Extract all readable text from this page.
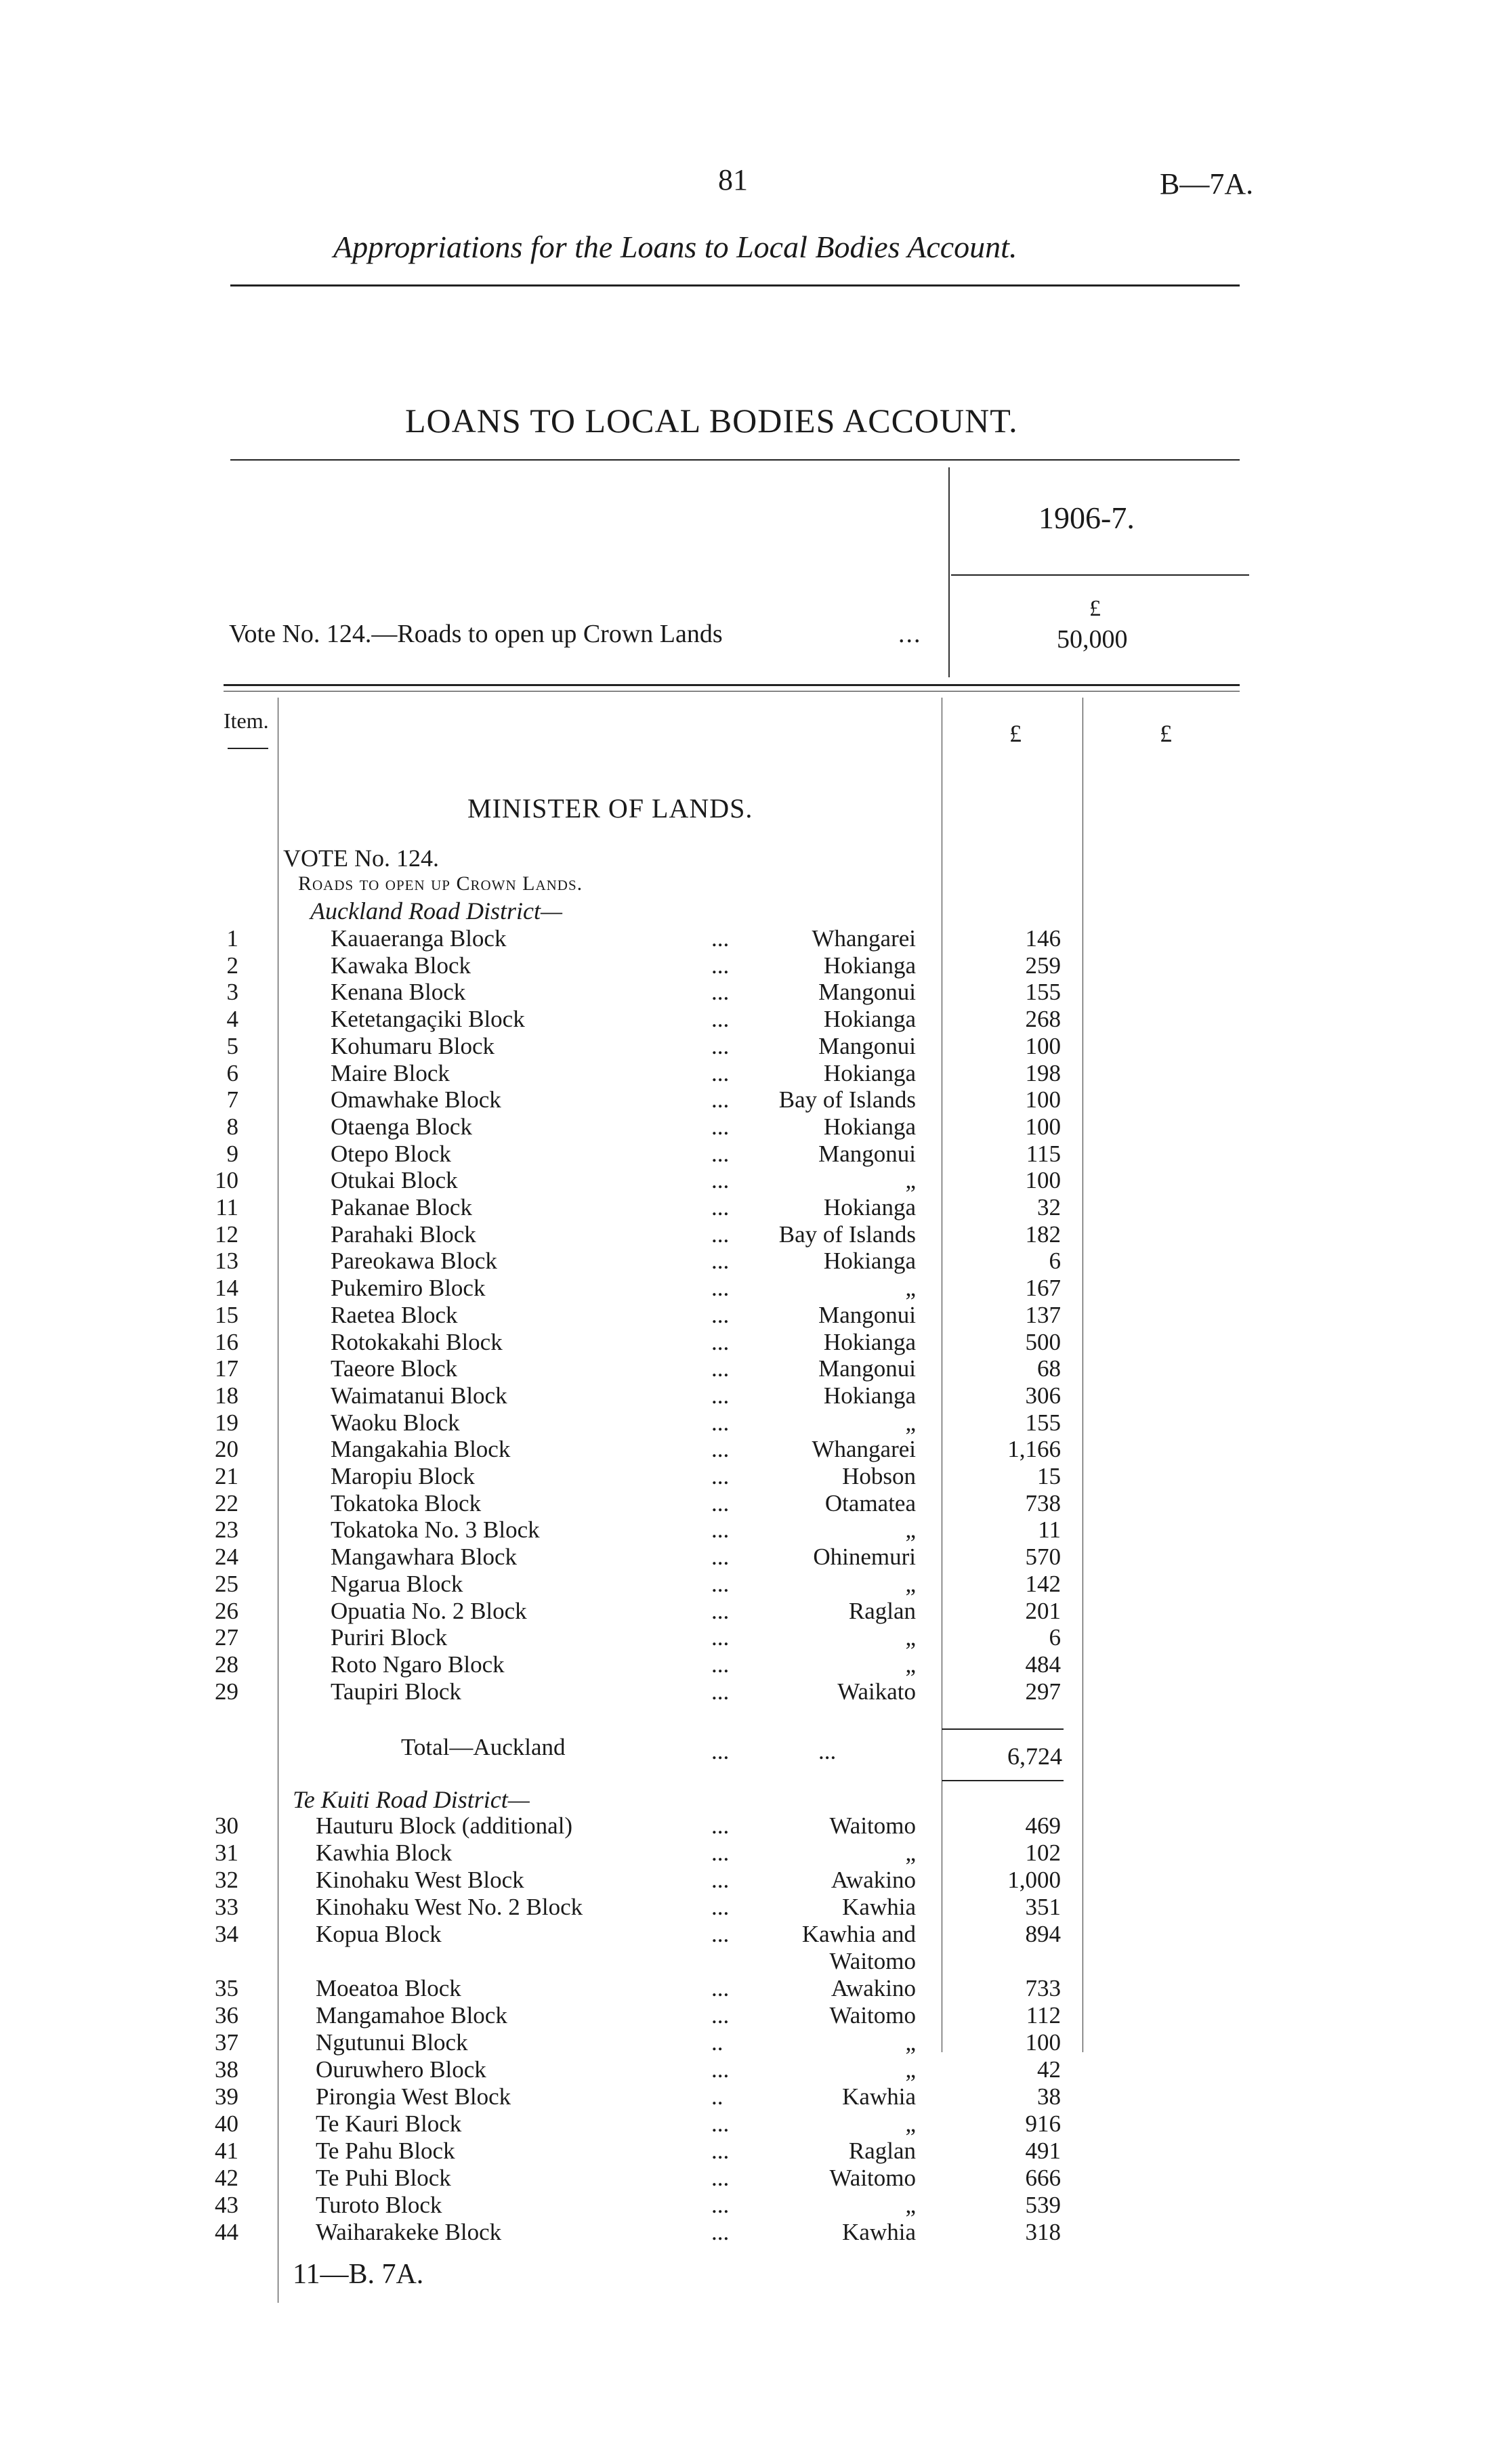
81	B—7A.
Appropriations for the Loans to Local Bodies Account.
LOANS TO LOCAL BODIES ACCOUNT.
1906-7.
Vote No. 124.—Roads to open up Crown Lands	...
£
50,000
Item.	£	£
MINISTER OF LANDS.
VOTE No. 124.
Roads to open up Crown Lands.
Auckland Road District—
1	Kauaeranga Block	...	Whangarei	146
2	Kawaka Block	...	Hokianga	259
3	Kenana Block	...	Mangonui	155
4	Ketetangaçiki Block	...	Hokianga	268
5	Kohumaru Block	...	Mangonui	100
6	Maire Block	...	Hokianga	198
7	Omawhake Block	... Bay of Islands	100
8	Otaenga Block	...	Hokianga	100
9	Otepo Block	...	Mangonui	115
10	Otukai Block	...	„	100
11	Pakanae Block	...	Hokianga	32
12	Parahaki Block	... Bay of Islands	182
13	Pareokawa Block	...	Hokianga	6
14	Pukemiro Block	...	„	167
15	Raetea Block	...	Mangonui	137
16	Rotokakahi Block	...	Hokianga	500
17	Taeore Block	...	Mangonui	68
18	Waimatanui Block	...	Hokianga	306
19	Waoku Block	...	„	155
20	Mangakahia Block	...	Whangarei	1,166
21	Maropiu Block	...	Hobson	15
22	Tokatoka Block	...	Otamatea	738
23	Tokatoka No. 3 Block	...	„	11
24	Mangawhara Block	...	Ohinemuri	570
25	Ngarua Block	...	„	142
26	Opuatia No. 2 Block	...	Raglan	201
27	Puriri Block	...	„	6
28	Roto Ngaro Block	...	„	484
29	Taupiri Block	...	Waikato	297
Total—Auckland	...	...	6,724
Te Kuiti Road District—
30	Hauturu Block (additional)	...	Waitomo	469
31	Kawhia Block	...	„	102
32	Kinohaku West Block	...	Awakino	1,000
33	Kinohaku West No. 2 Block	...	Kawhia	351
34	Kopua Block	...	Kawhia and	894
Waitomo
35	Moeatoa Block	...	Awakino	733
36	Mangamahoe Block	...	Waitomo	112
37	Ngutunui Block	..	„	100
38	Ouruwhero Block	...	„	42
39	Pirongia West Block	..	Kawhia	38
40	Te Kauri Block	...	„	916
41	Te Pahu Block	...	Raglan	491
42	Te Puhi Block	...	Waitomo	666
43	Turoto Block	...	„	539
44	Waiharakeke Block	...	Kawhia	318
11—B. 7A.
